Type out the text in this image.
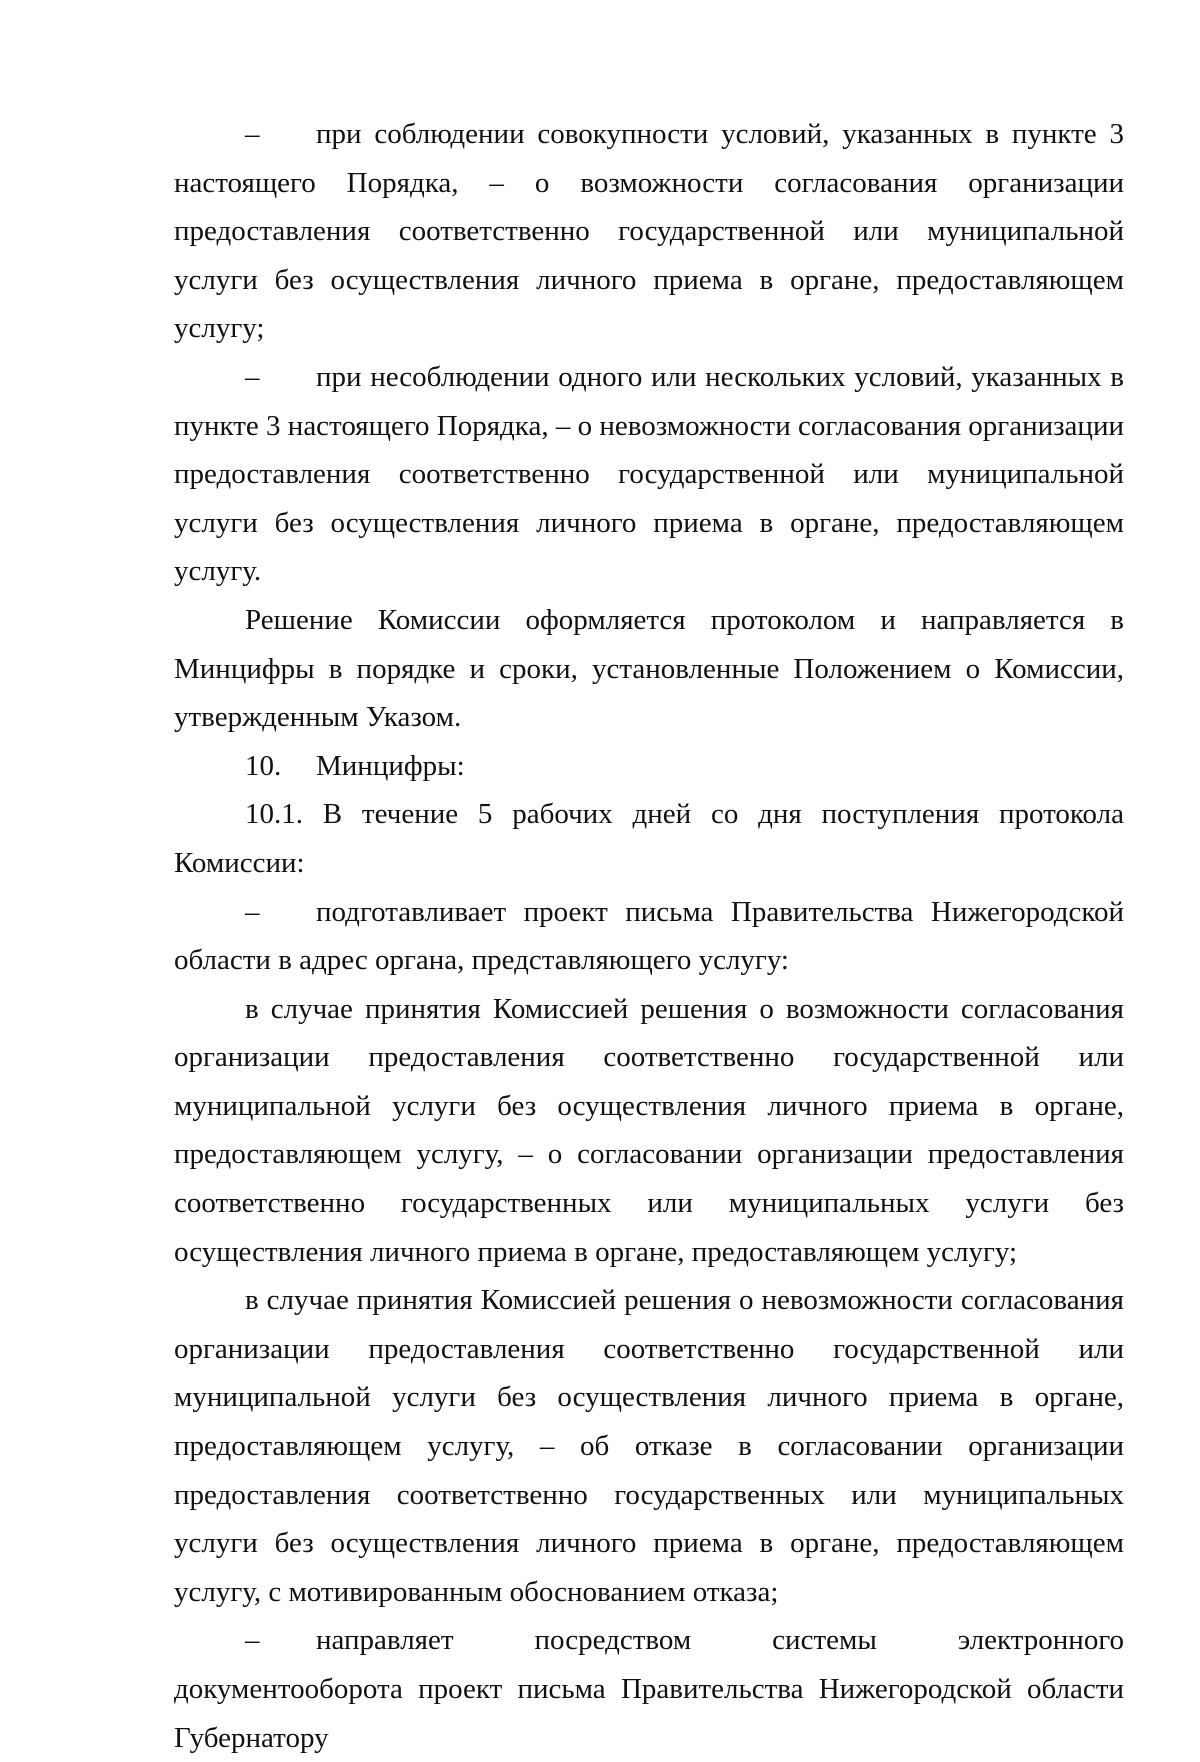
– при соблюдении совокупности условий, указанных в пункте 3 настоящего Порядка, – о возможности согласования организации предоставления соответственно государственной или муниципальной услуги без осуществления личного приема в органе, предоставляющем услугу;

– при несоблюдении одного или нескольких условий, указанных в пункте 3 настоящего Порядка, – о невозможности согласования организации предоставления соответственно государственной или муниципальной услуги без осуществления личного приема в органе, предоставляющем услугу.

Решение Комиссии оформляется протоколом и направляется в Минцифры в порядке и сроки, установленные Положением о Комиссии, утвержденным Указом.

10. Минцифры:

10.1. В течение 5 рабочих дней со дня поступления протокола Комиссии:

– подготавливает проект письма Правительства Нижегородской области в адрес органа, представляющего услугу:

в случае принятия Комиссией решения о возможности согласования организации предоставления соответственно государственной или муниципальной услуги без осуществления личного приема в органе, предоставляющем услугу, – о согласовании организации предоставления соответственно государственных или муниципальных услуги без осуществления личного приема в органе, предоставляющем услугу;

в случае принятия Комиссией решения о невозможности согласования организации предоставления соответственно государственной или муниципальной услуги без осуществления личного приема в органе, предоставляющем услугу, – об отказе в согласовании организации предоставления соответственно государственных или муниципальных услуги без осуществления личного приема в органе, предоставляющем услугу, с мотивированным обоснованием отказа;

– направляет посредством системы электронного документооборота проект письма Правительства Нижегородской области Губернатору
